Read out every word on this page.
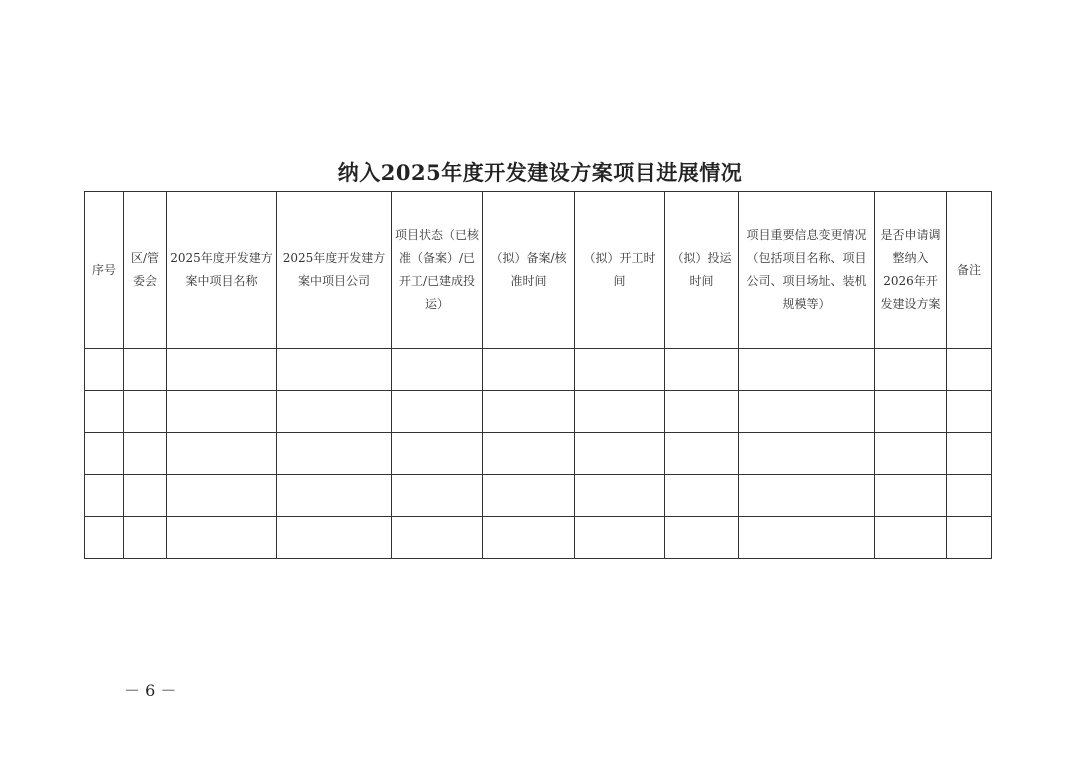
纳入2025年度开发建设方案项目进展情况
序号	区/管委会	2025年度开发建方案中项目名称	2025年度开发建方案中项目公司	项目状态（已核准（备案）/已开工/已建成投运）	（拟）备案/核准时间	（拟）开工时间	（拟）投运时间	项目重要信息变更情况（包括项目名称、项目公司、项目场址、装机规模等）	是否申请调整纳入2026年开发建设方案	备注

－ 6 －
